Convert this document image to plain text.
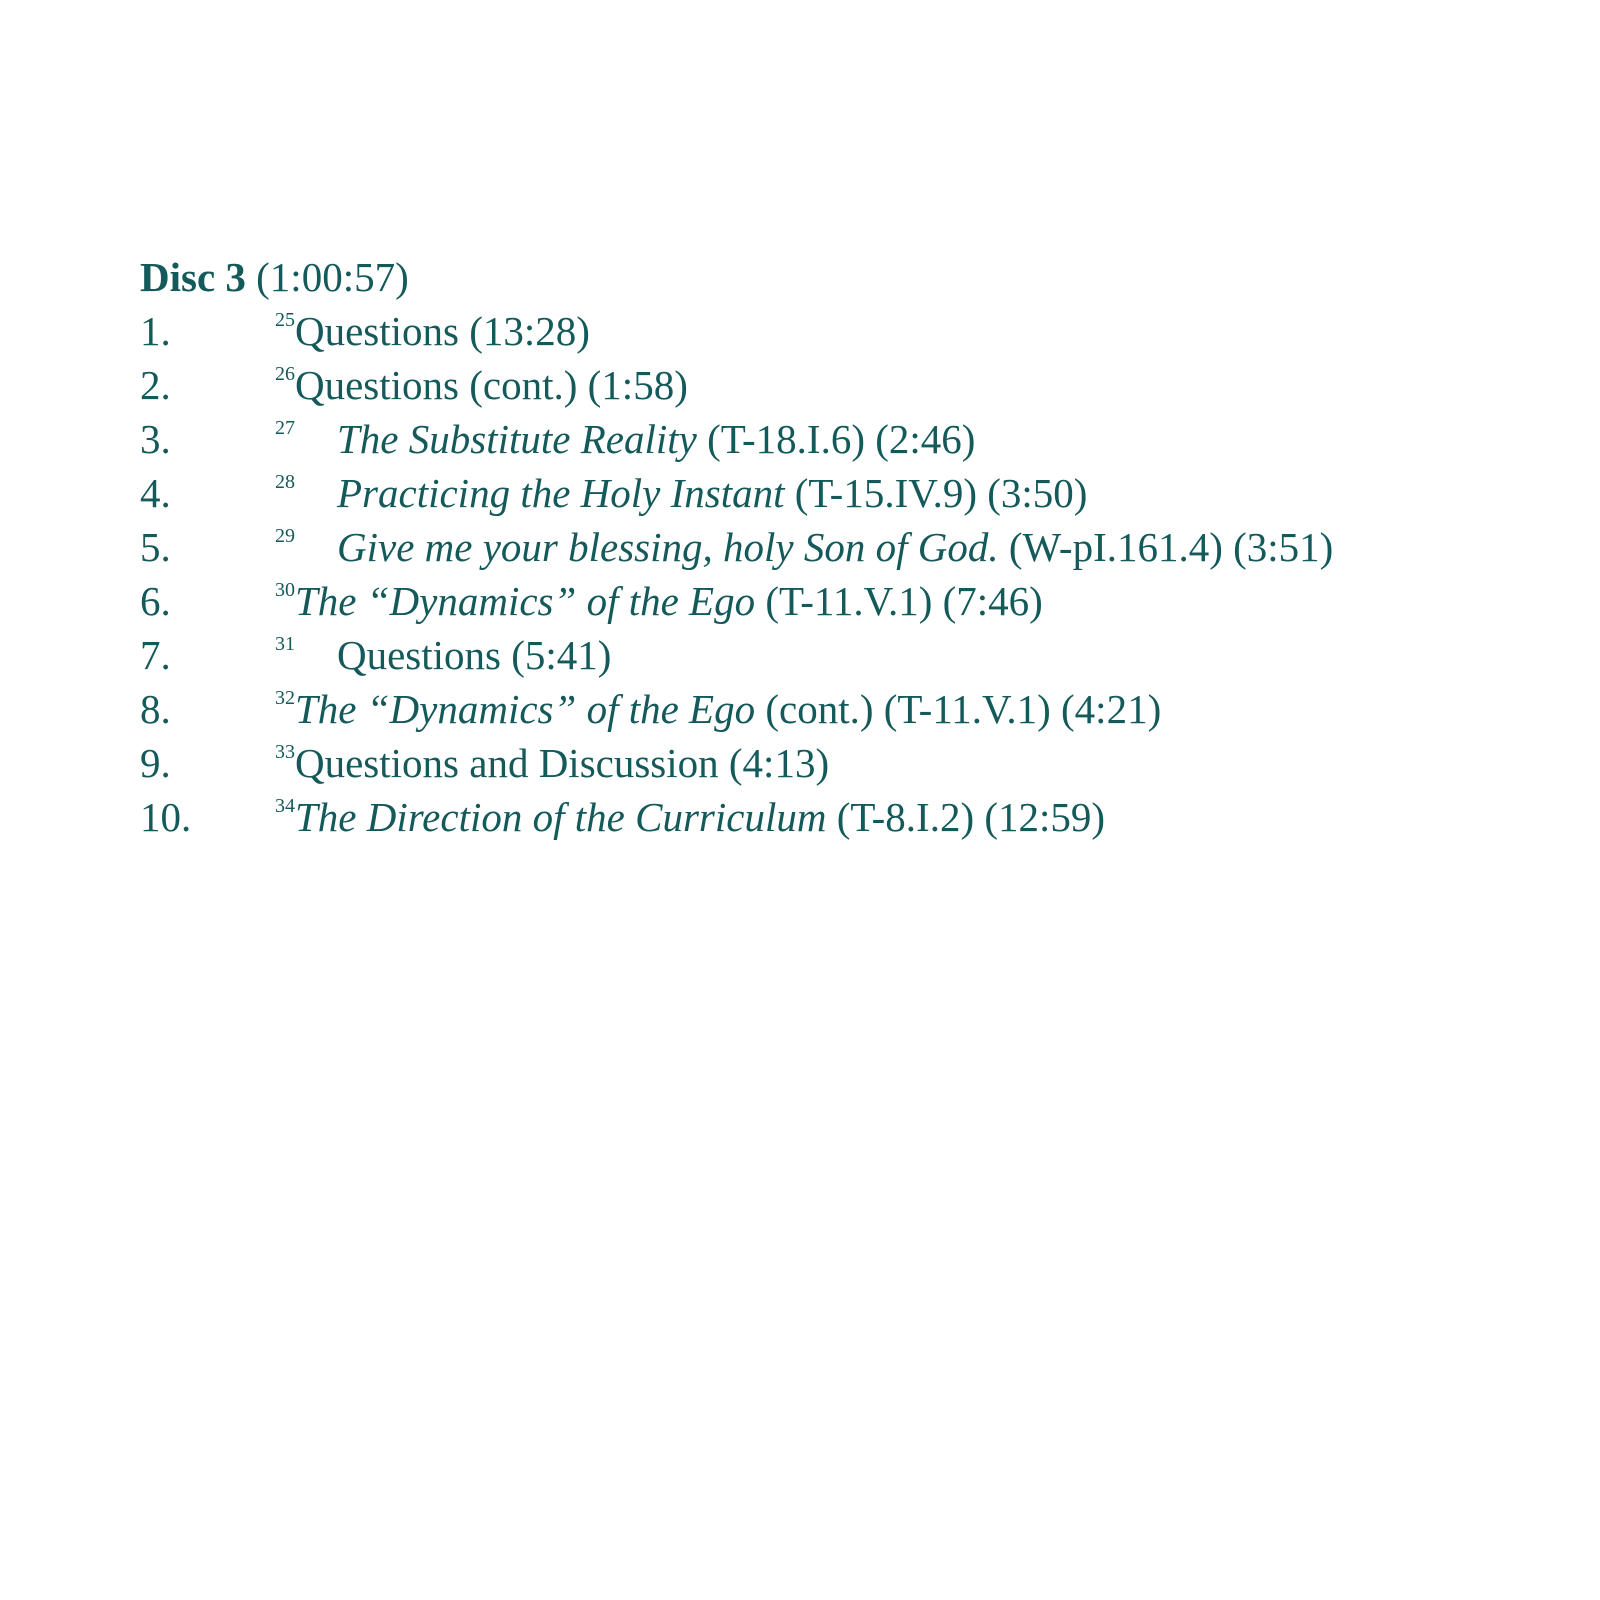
Disc 3 (1:00:57)
1.	$^{25}$Questions (13:28)
2.	$^{26}$Questions (cont.) (1:58)
3.	$^{27}$ The Substitute Reality (T-18.I.6) (2:46)
4.	$^{28}$ Practicing the Holy Instant (T-15.IV.9) (3:50)
5.	$^{29}$ Give me your blessing, holy Son of God. (W-pI.161.4) (3:51)
6.	$^{30}$The “Dynamics” of the Ego (T-11.V.1) (7:46)
7.	$^{31}$ Questions (5:41)
8.	$^{32}$The “Dynamics” of the Ego (cont.) (T-11.V.1) (4:21)
9.	$^{33}$Questions and Discussion (4:13)
10.	$^{34}$The Direction of the Curriculum (T-8.I.2) (12:59)
